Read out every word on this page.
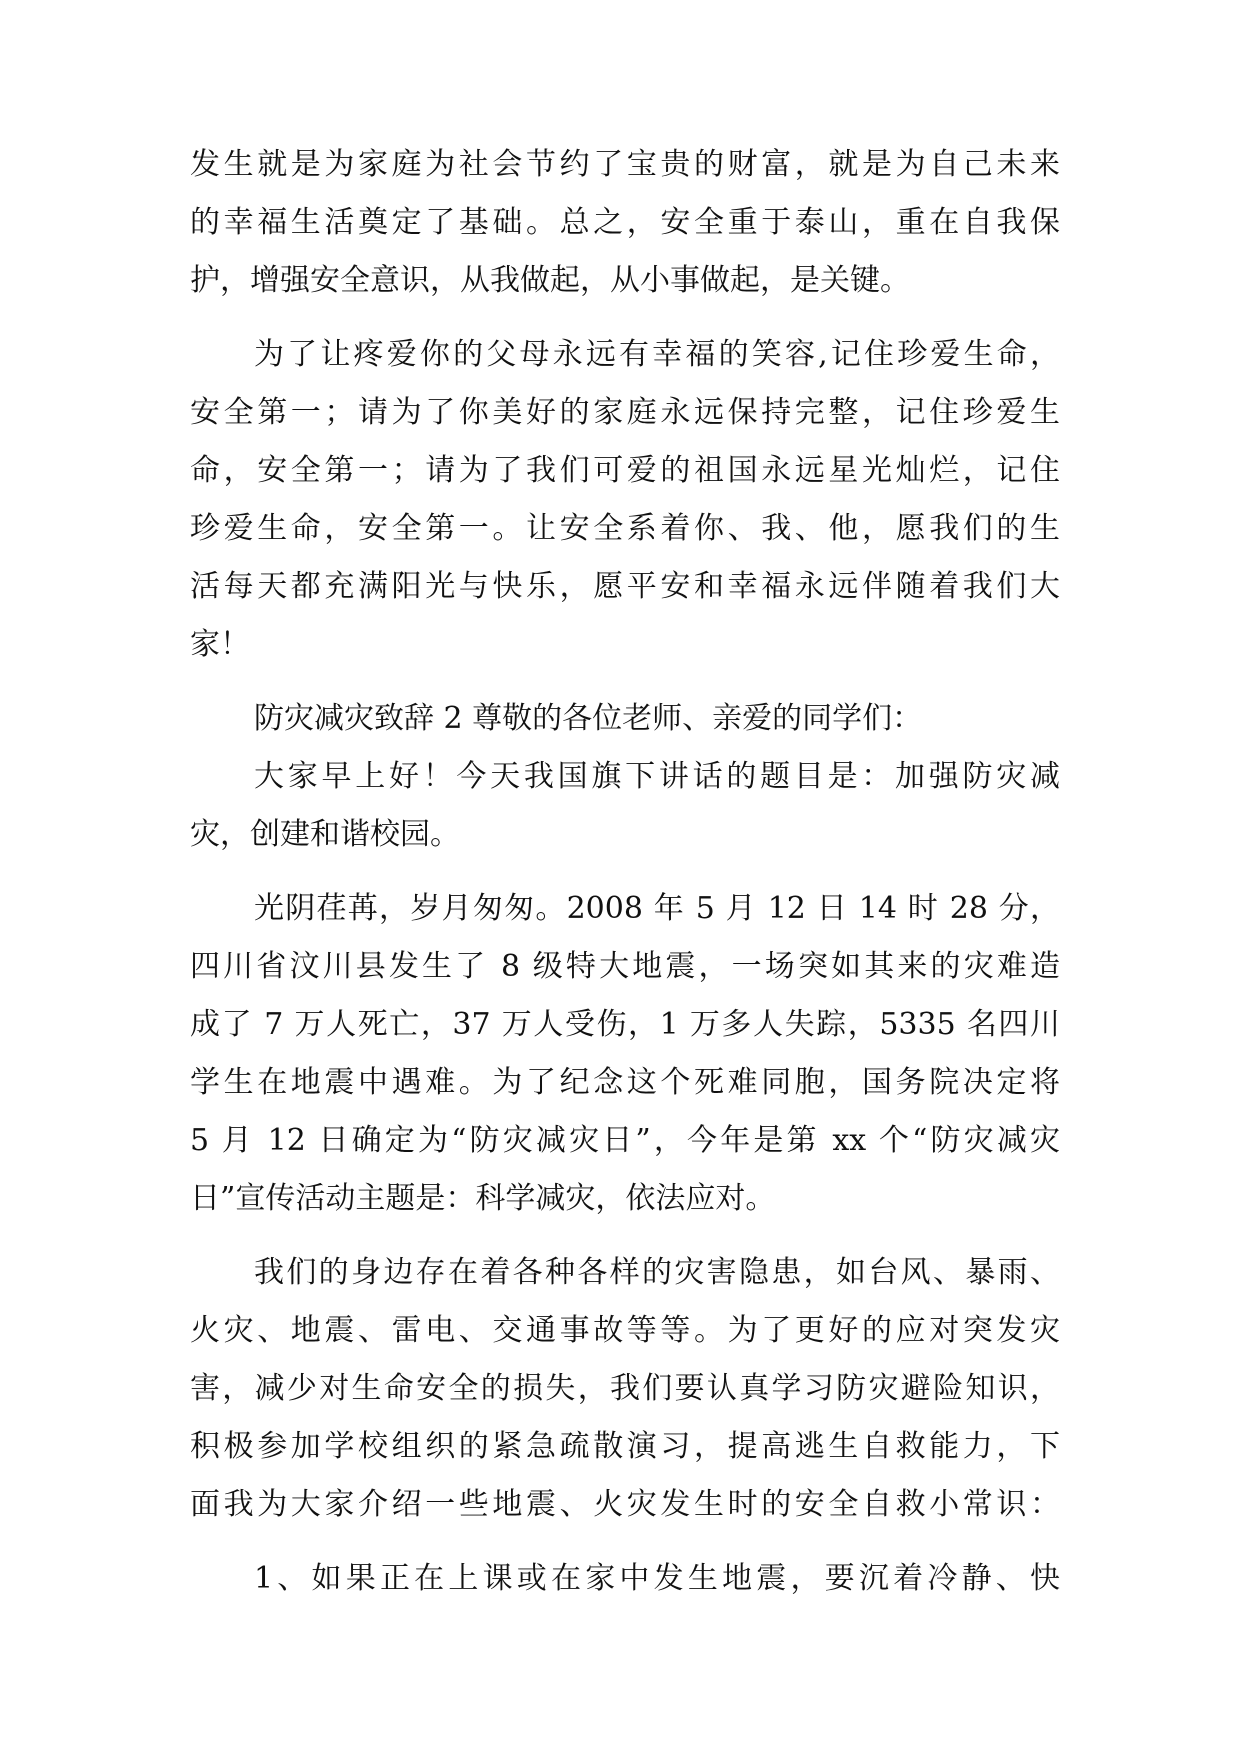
发生就是为家庭为社会节约了宝贵的财富，就是为自己未来
的幸福生活奠定了基础。总之，安全重于泰山，重在自我保
护，增强安全意识，从我做起，从小事做起，是关键。
为了让疼爱你的父母永远有幸福的笑容,记住珍爱生命，
安全第一；请为了你美好的家庭永远保持完整，记住珍爱生
命，安全第一；请为了我们可爱的祖国永远星光灿烂，记住
珍爱生命，安全第一。让安全系着你、我、他，愿我们的生
活每天都充满阳光与快乐，愿平安和幸福永远伴随着我们大
家！
防灾减灾致辞 2 尊敬的各位老师、亲爱的同学们：
大家早上好！今天我国旗下讲话的题目是：加强防灾减
灾，创建和谐校园。
光阴荏苒，岁月匆匆。2008 年 5 月 12 日 14 时 28 分，
四川省汶川县发生了 8 级特大地震，一场突如其来的灾难造
成了 7 万人死亡，37 万人受伤，1 万多人失踪，5335 名四川
学生在地震中遇难。为了纪念这个死难同胞，国务院决定将
5 月 12 日确定为“防灾减灾日”，今年是第 xx 个“防灾减灾
日”宣传活动主题是：科学减灾，依法应对。
我们的身边存在着各种各样的灾害隐患，如台风、暴雨、
火灾、地震、雷电、交通事故等等。为了更好的应对突发灾
害，减少对生命安全的损失，我们要认真学习防灾避险知识，
积极参加学校组织的紧急疏散演习，提高逃生自救能力，下
面我为大家介绍一些地震、火灾发生时的安全自救小常识：
1、如果正在上课或在家中发生地震，要沉着冷静、快
